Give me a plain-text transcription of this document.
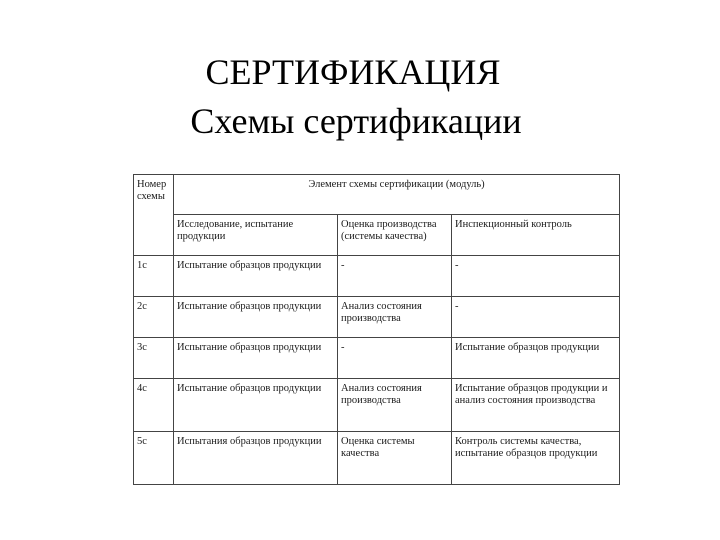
СЕРТИФИКАЦИЯ
Схемы сертификации
Номер схемы	Элемент схемы сертификации (модуль)		
	Исследование, испытание продукции	Оценка производства (системы качества)	Инспекционный контроль
1с	Испытание образцов продукции	-	-
2с	Испытание образцов продукции	Анализ состояния производства	-
3с	Испытание образцов продукции	-	Испытание образцов продукции
4с	Испытание образцов продукции	Анализ состояния производства	Испытание образцов продукции и анализ состояния производства
5с	Испытания образцов продукции	Оценка системы качества	Контроль системы качества, испытание образцов продукции
